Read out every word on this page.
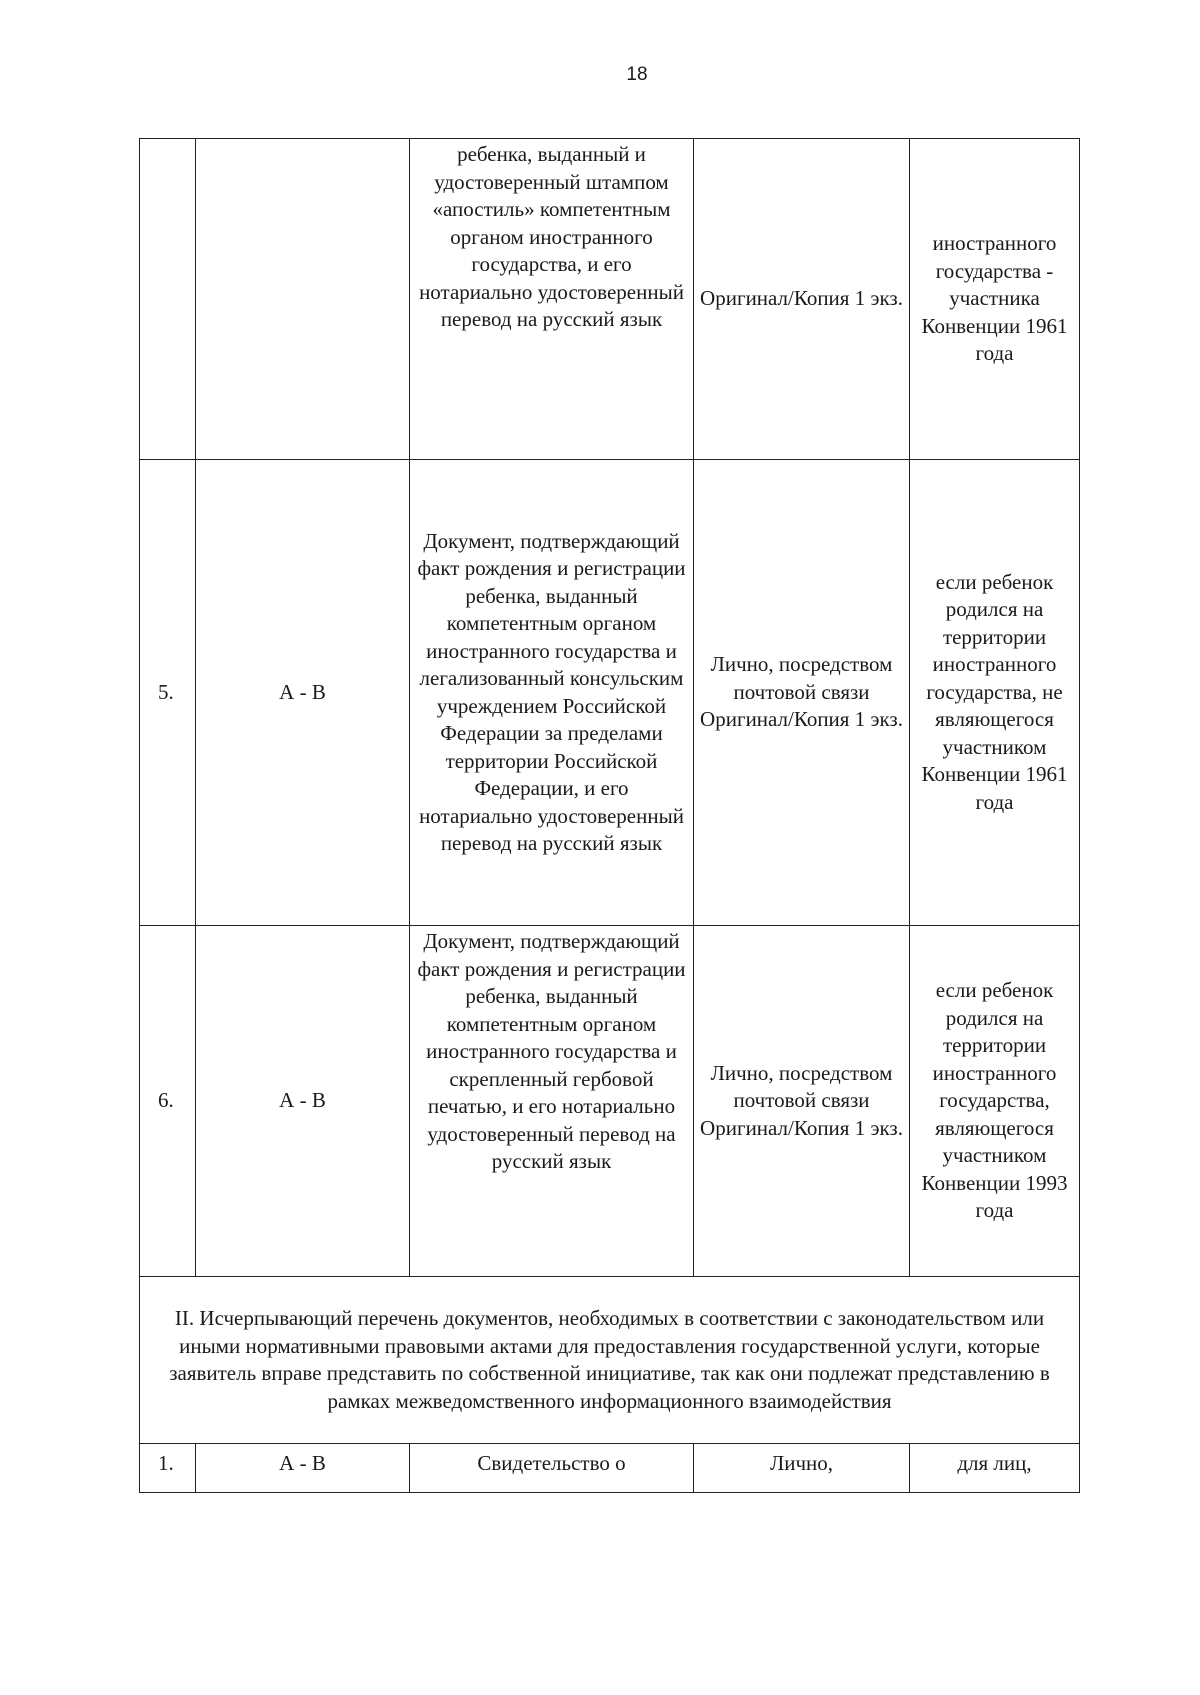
18
		ребенка, выданный и удостоверенный штампом «апостиль» компетентным органом иностранного государства, и его нотариально удостоверенный перевод на русский язык	Оригинал/Копия 1 экз.	иностранного государства - участника Конвенции 1961 года
5.	А - В	Документ, подтверждающий факт рождения и регистрации ребенка, выданный компетентным органом иностранного государства и легализованный консульским учреждением Российской Федерации за пределами территории Российской Федерации, и его нотариально удостоверенный перевод на русский язык	Лично, посредством почтовой связи Оригинал/Копия 1 экз.	если ребенок родился на территории иностранного государства, не являющегося участником Конвенции 1961 года
6.	А - В	Документ, подтверждающий факт рождения и регистрации ребенка, выданный компетентным органом иностранного государства и скрепленный гербовой печатью, и его нотариально удостоверенный перевод на русский язык	Лично, посредством почтовой связи Оригинал/Копия 1 экз.	если ребенок родился на территории иностранного государства, являющегося участником Конвенции 1993 года
II. Исчерпывающий перечень документов, необходимых в соответствии с законодательством или иными нормативными правовыми актами для предоставления государственной услуги, которые заявитель вправе представить по собственной инициативе, так как они подлежат представлению в рамках межведомственного информационного взаимодействия				
1.	А - В	Свидетельство о	Лично,	для лиц,
